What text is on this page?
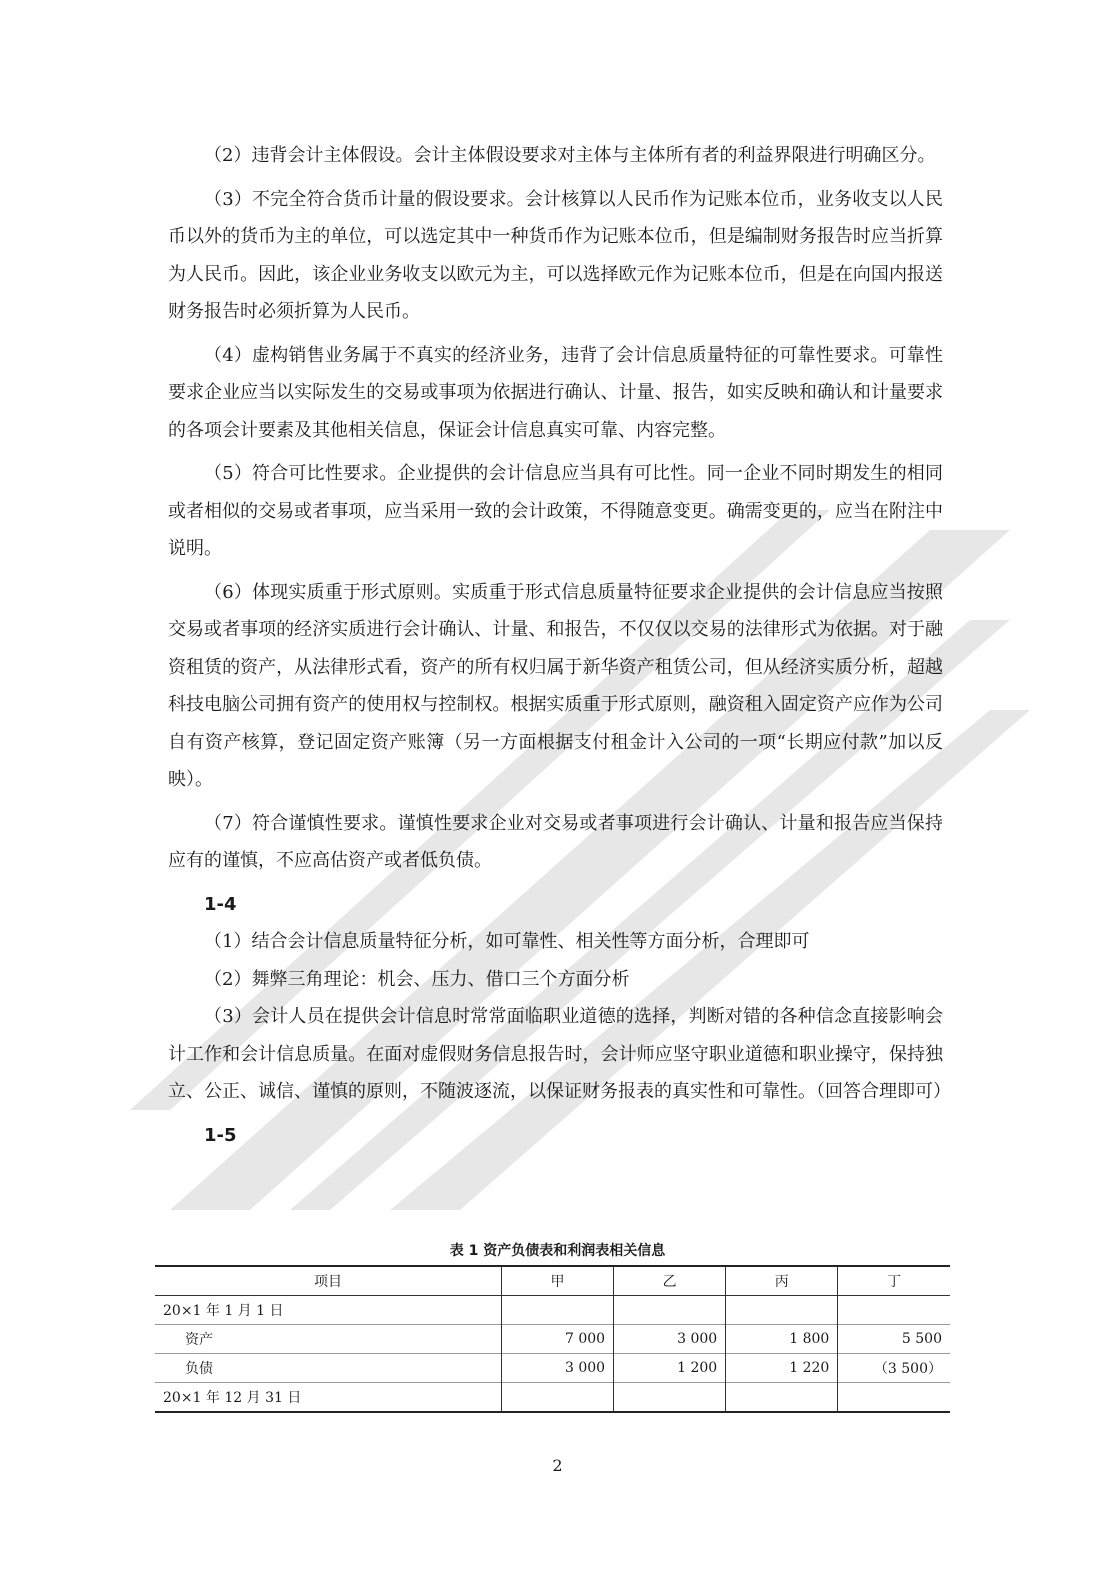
（2）违背会计主体假设。会计主体假设要求对主体与主体所有者的利益界限进行明确区分。

（3）不完全符合货币计量的假设要求。会计核算以人民币作为记账本位币，业务收支以人民币以外的货币为主的单位，可以选定其中一种货币作为记账本位币，但是编制财务报告时应当折算为人民币。因此，该企业业务收支以欧元为主，可以选择欧元作为记账本位币，但是在向国内报送财务报告时必须折算为人民币。

（4）虚构销售业务属于不真实的经济业务，违背了会计信息质量特征的可靠性要求。可靠性要求企业应当以实际发生的交易或事项为依据进行确认、计量、报告，如实反映和确认和计量要求的各项会计要素及其他相关信息，保证会计信息真实可靠、内容完整。

（5）符合可比性要求。企业提供的会计信息应当具有可比性。同一企业不同时期发生的相同或者相似的交易或者事项，应当采用一致的会计政策，不得随意变更。确需变更的，应当在附注中说明。

（6）体现实质重于形式原则。实质重于形式信息质量特征要求企业提供的会计信息应当按照交易或者事项的经济实质进行会计确认、计量、和报告，不仅仅以交易的法律形式为依据。对于融资租赁的资产，从法律形式看，资产的所有权归属于新华资产租赁公司，但从经济实质分析，超越科技电脑公司拥有资产的使用权与控制权。根据实质重于形式原则，融资租入固定资产应作为公司自有资产核算，登记固定资产账簿（另一方面根据支付租金计入公司的一项“长期应付款”加以反映）。

（7）符合谨慎性要求。谨慎性要求企业对交易或者事项进行会计确认、计量和报告应当保持应有的谨慎，不应高估资产或者低负债。

1-4

（1）结合会计信息质量特征分析，如可靠性、相关性等方面分析，合理即可

（2）舞弊三角理论：机会、压力、借口三个方面分析

（3）会计人员在提供会计信息时常常面临职业道德的选择，判断对错的各种信念直接影响会计工作和会计信息质量。在面对虚假财务信息报告时，会计师应坚守职业道德和职业操守，保持独立、公正、诚信、谨慎的原则，不随波逐流，以保证财务报表的真实性和可靠性。（回答合理即可）

1-5

表 1 资产负债表和利润表相关信息
项目	甲	乙	丙	丁
20×1 年 1 月 1 日				
资产	7 000	3 000	1 800	5 500
负债	3 000	1 200	1 220	（3 500）
20×1 年 12 月 31 日				
2
